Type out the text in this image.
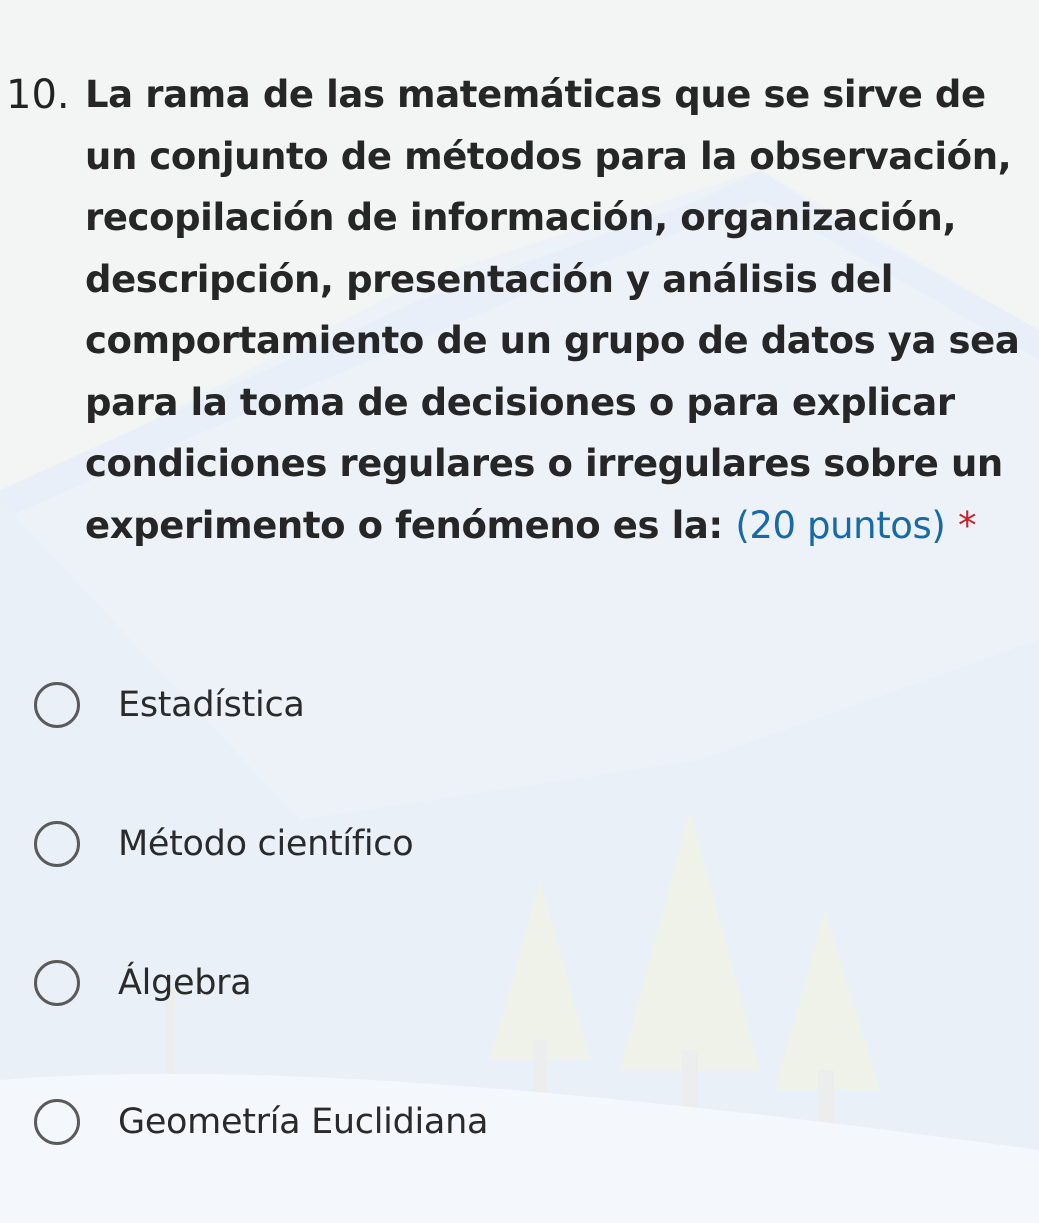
10. La rama de las matemáticas que se sirve de un conjunto de métodos para la observación, recopilación de información, organización, descripción, presentación y análisis del comportamiento de un grupo de datos ya sea para la toma de decisiones o para explicar condiciones regulares o irregulares sobre un experimento o fenómeno es la: (20 puntos) *
Estadística
Método científico
Álgebra
Geometría Euclidiana
